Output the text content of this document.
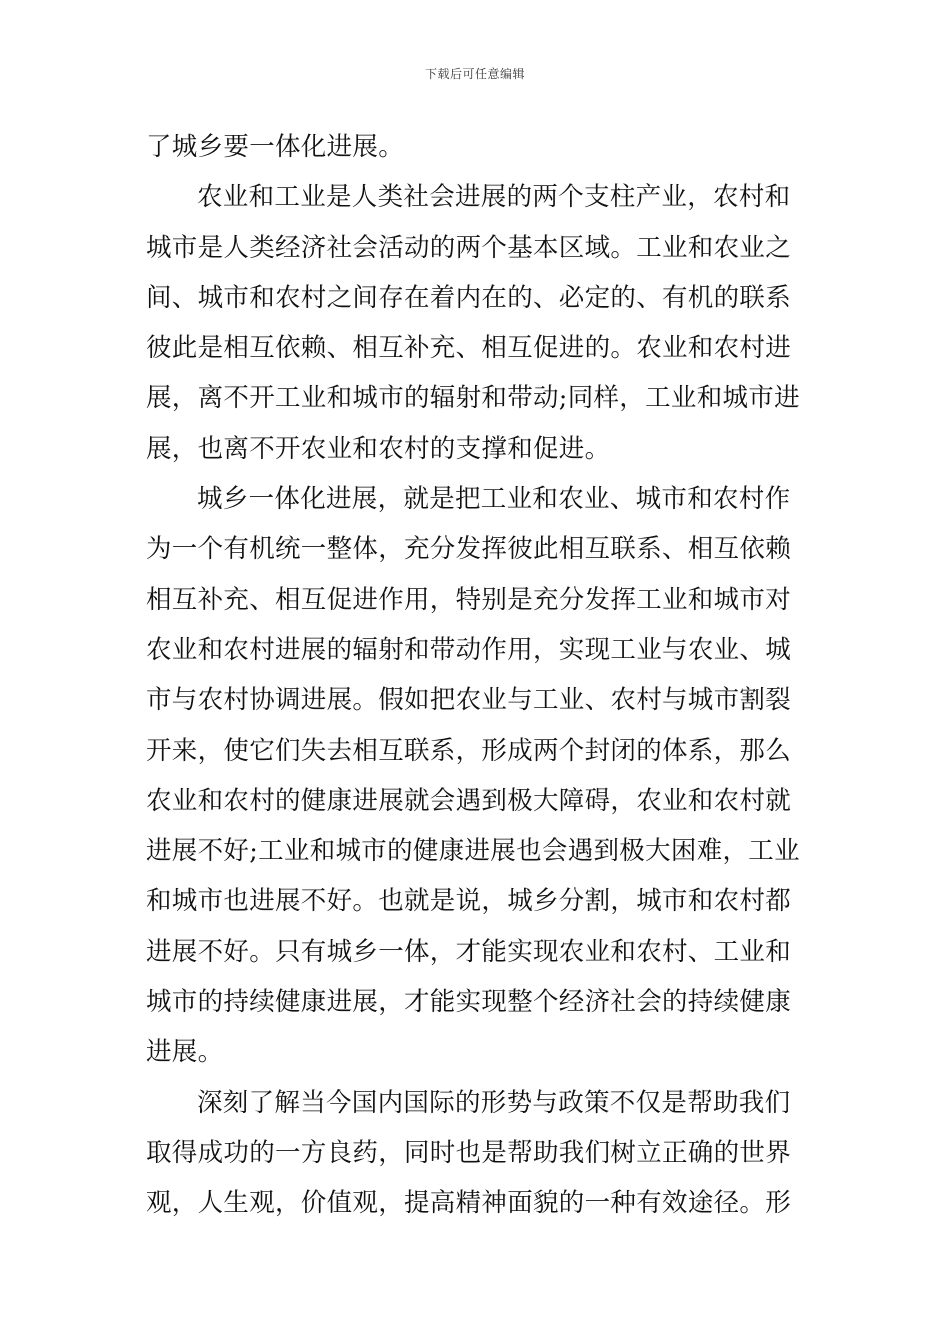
下载后可任意编辑

了城乡要一体化进展。

农业和工业是人类社会进展的两个支柱产业，农村和
城市是人类经济社会活动的两个基本区域。工业和农业之
间、城市和农村之间存在着内在的、必定的、有机的联系
彼此是相互依赖、相互补充、相互促进的。农业和农村进
展，离不开工业和城市的辐射和带动;同样，工业和城市进
展，也离不开农业和农村的支撑和促进。

城乡一体化进展，就是把工业和农业、城市和农村作
为一个有机统一整体，充分发挥彼此相互联系、相互依赖
相互补充、相互促进作用，特别是充分发挥工业和城市对
农业和农村进展的辐射和带动作用，实现工业与农业、城
市与农村协调进展。假如把农业与工业、农村与城市割裂
开来，使它们失去相互联系，形成两个封闭的体系，那么
农业和农村的健康进展就会遇到极大障碍，农业和农村就
进展不好;工业和城市的健康进展也会遇到极大困难，工业
和城市也进展不好。也就是说，城乡分割，城市和农村都
进展不好。只有城乡一体，才能实现农业和农村、工业和
城市的持续健康进展，才能实现整个经济社会的持续健康
进展。

深刻了解当今国内国际的形势与政策不仅是帮助我们
取得成功的一方良药，同时也是帮助我们树立正确的世界
观，人生观，价值观，提高精神面貌的一种有效途径。形
